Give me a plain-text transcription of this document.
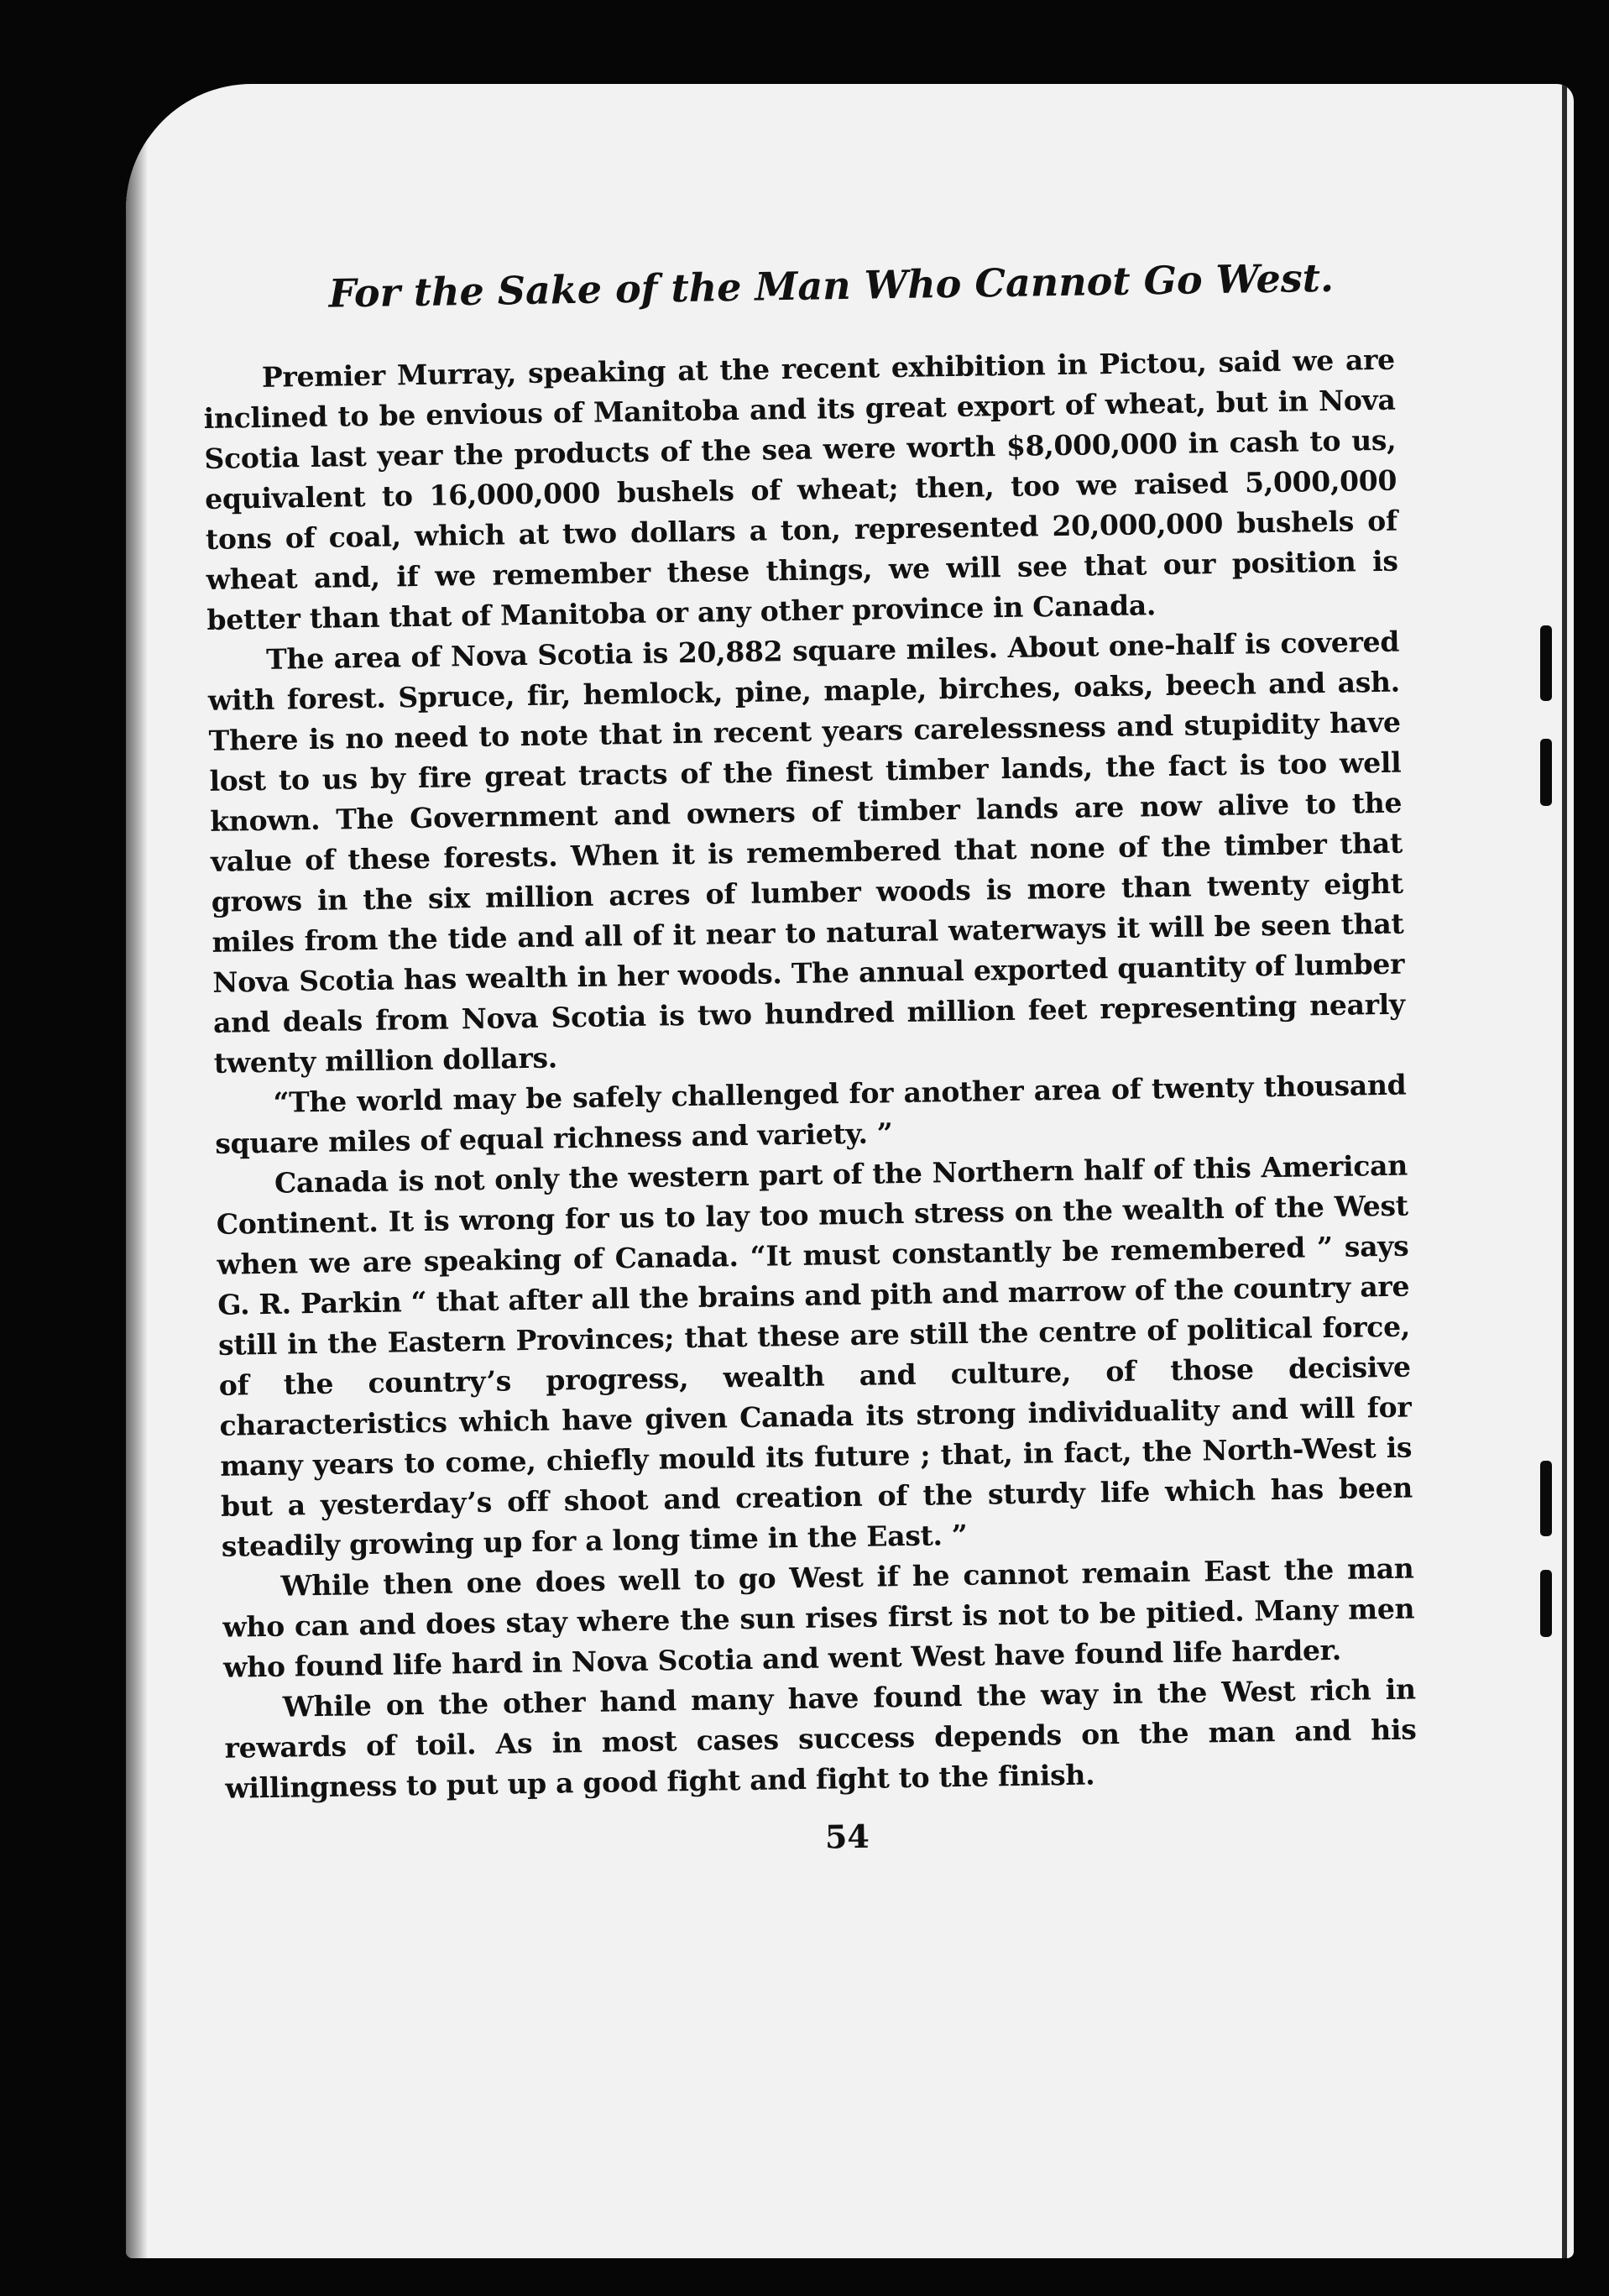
For the Sake of the Man Who Cannot Go West.

Premier Murray, speaking at the recent exhibition in Pictou, said we are inclined to be envious of Manitoba and its great export of wheat, but in Nova Scotia last year the products of the sea were worth $8,000,000 in cash to us, equivalent to 16,000,000 bushels of wheat; then, too we raised 5,000,000 tons of coal, which at two dollars a ton, represented 20,000,000 bushels of wheat and, if we remember these things, we will see that our position is better than that of Manitoba or any other province in Canada.

The area of Nova Scotia is 20,882 square miles. About one-half is covered with forest. Spruce, fir, hemlock, pine, maple, birches, oaks, beech and ash. There is no need to note that in recent years carelessness and stupidity have lost to us by fire great tracts of the finest timber lands, the fact is too well known. The Government and owners of timber lands are now alive to the value of these forests. When it is remembered that none of the timber that grows in the six million acres of lumber woods is more than twenty eight miles from the tide and all of it near to natural waterways it will be seen that Nova Scotia has wealth in her woods. The annual exported quantity of lumber and deals from Nova Scotia is two hundred million feet representing nearly twenty million dollars.

“The world may be safely challenged for another area of twenty thousand square miles of equal richness and variety. ”

Canada is not only the western part of the Northern half of this American Continent. It is wrong for us to lay too much stress on the wealth of the West when we are speaking of Canada. “It must constantly be remembered ” says G. R. Parkin “ that after all the brains and pith and marrow of the country are still in the Eastern Provinces; that these are still the centre of political force, of the country’s progress, wealth and culture, of those decisive characteristics which have given Canada its strong individuality and will for many years to come, chiefly mould its future ; that, in fact, the North-West is but a yesterday’s off shoot and creation of the sturdy life which has been steadily growing up for a long time in the East. ”

While then one does well to go West if he cannot remain East the man who can and does stay where the sun rises first is not to be pitied. Many men who found life hard in Nova Scotia and went West have found life harder.

While on the other hand many have found the way in the West rich in rewards of toil. As in most cases success depends on the man and his willingness to put up a good fight and fight to the finish.

54
